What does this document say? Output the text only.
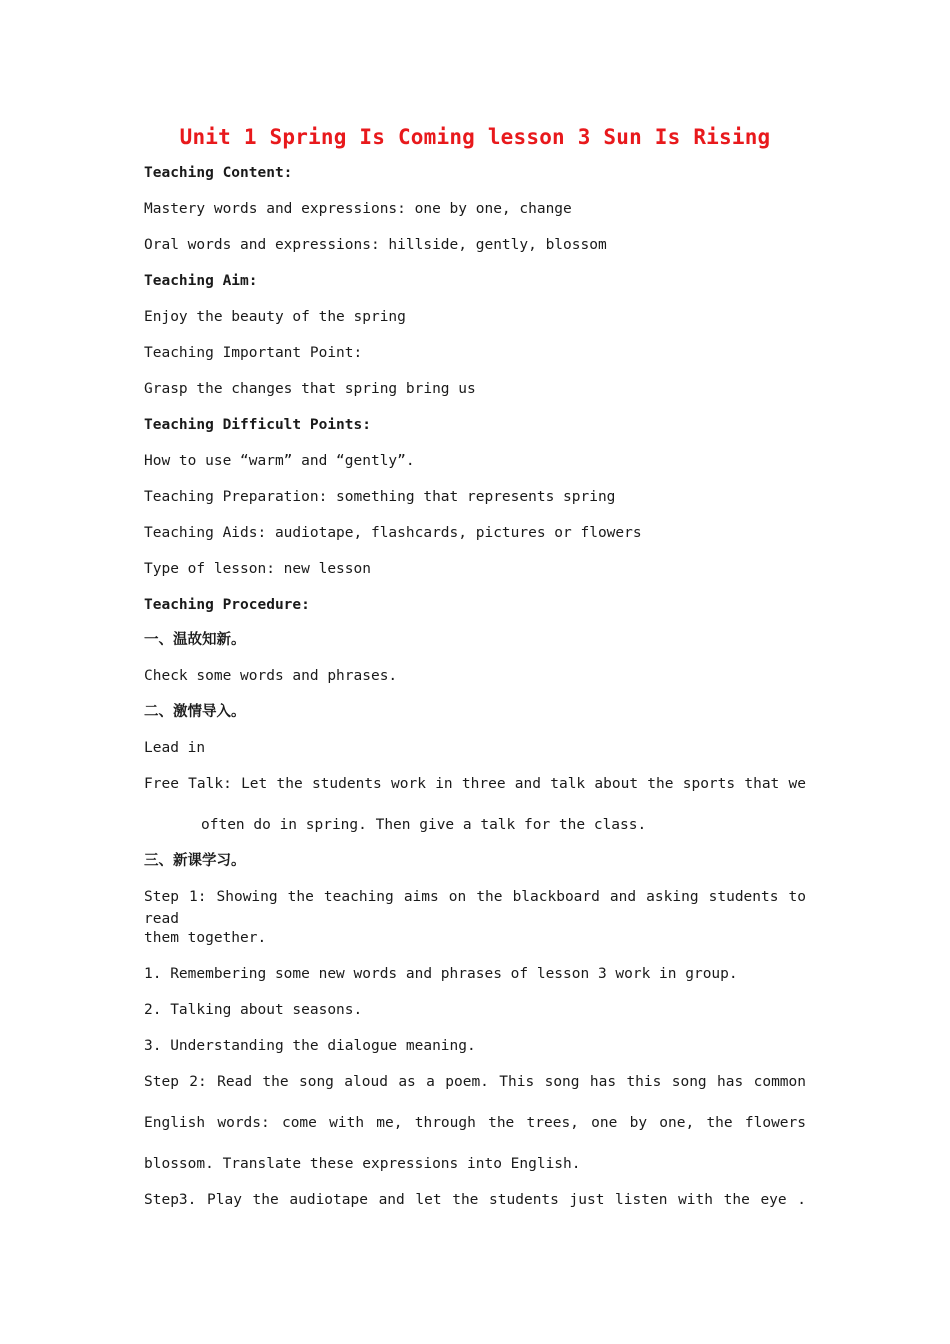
Unit 1 Spring Is Coming lesson 3 Sun Is Rising
Teaching Content:
Mastery words and expressions: one by one, change
Oral words and expressions: hillside, gently, blossom
Teaching Aim:
Enjoy the beauty of the spring
Teaching Important Point:
Grasp the changes that spring bring us
Teaching Difficult Points:
How to use “warm” and “gently”.
Teaching Preparation: something that represents spring
Teaching Aids: audiotape, flashcards, pictures or flowers
Type of lesson: new lesson
Teaching Procedure:
一、温故知新。
Check some words and phrases.
二、激情导入。
Lead in
Free Talk: Let the students work in three and talk about the sports that we
often do in spring. Then give a talk for the class.
三、新课学习。
Step 1: Showing the teaching aims on the blackboard and asking students to read
them together.
1. Remembering some new words and phrases of lesson 3 work in group.
2. Talking about seasons.
3. Understanding the dialogue meaning.
Step 2: Read the song aloud as a poem. This song has this song has common
English words: come with me, through the trees, one by one, the flowers
blossom. Translate these expressions into English.
Step3. Play the audiotape and let the students just listen with the eye .
